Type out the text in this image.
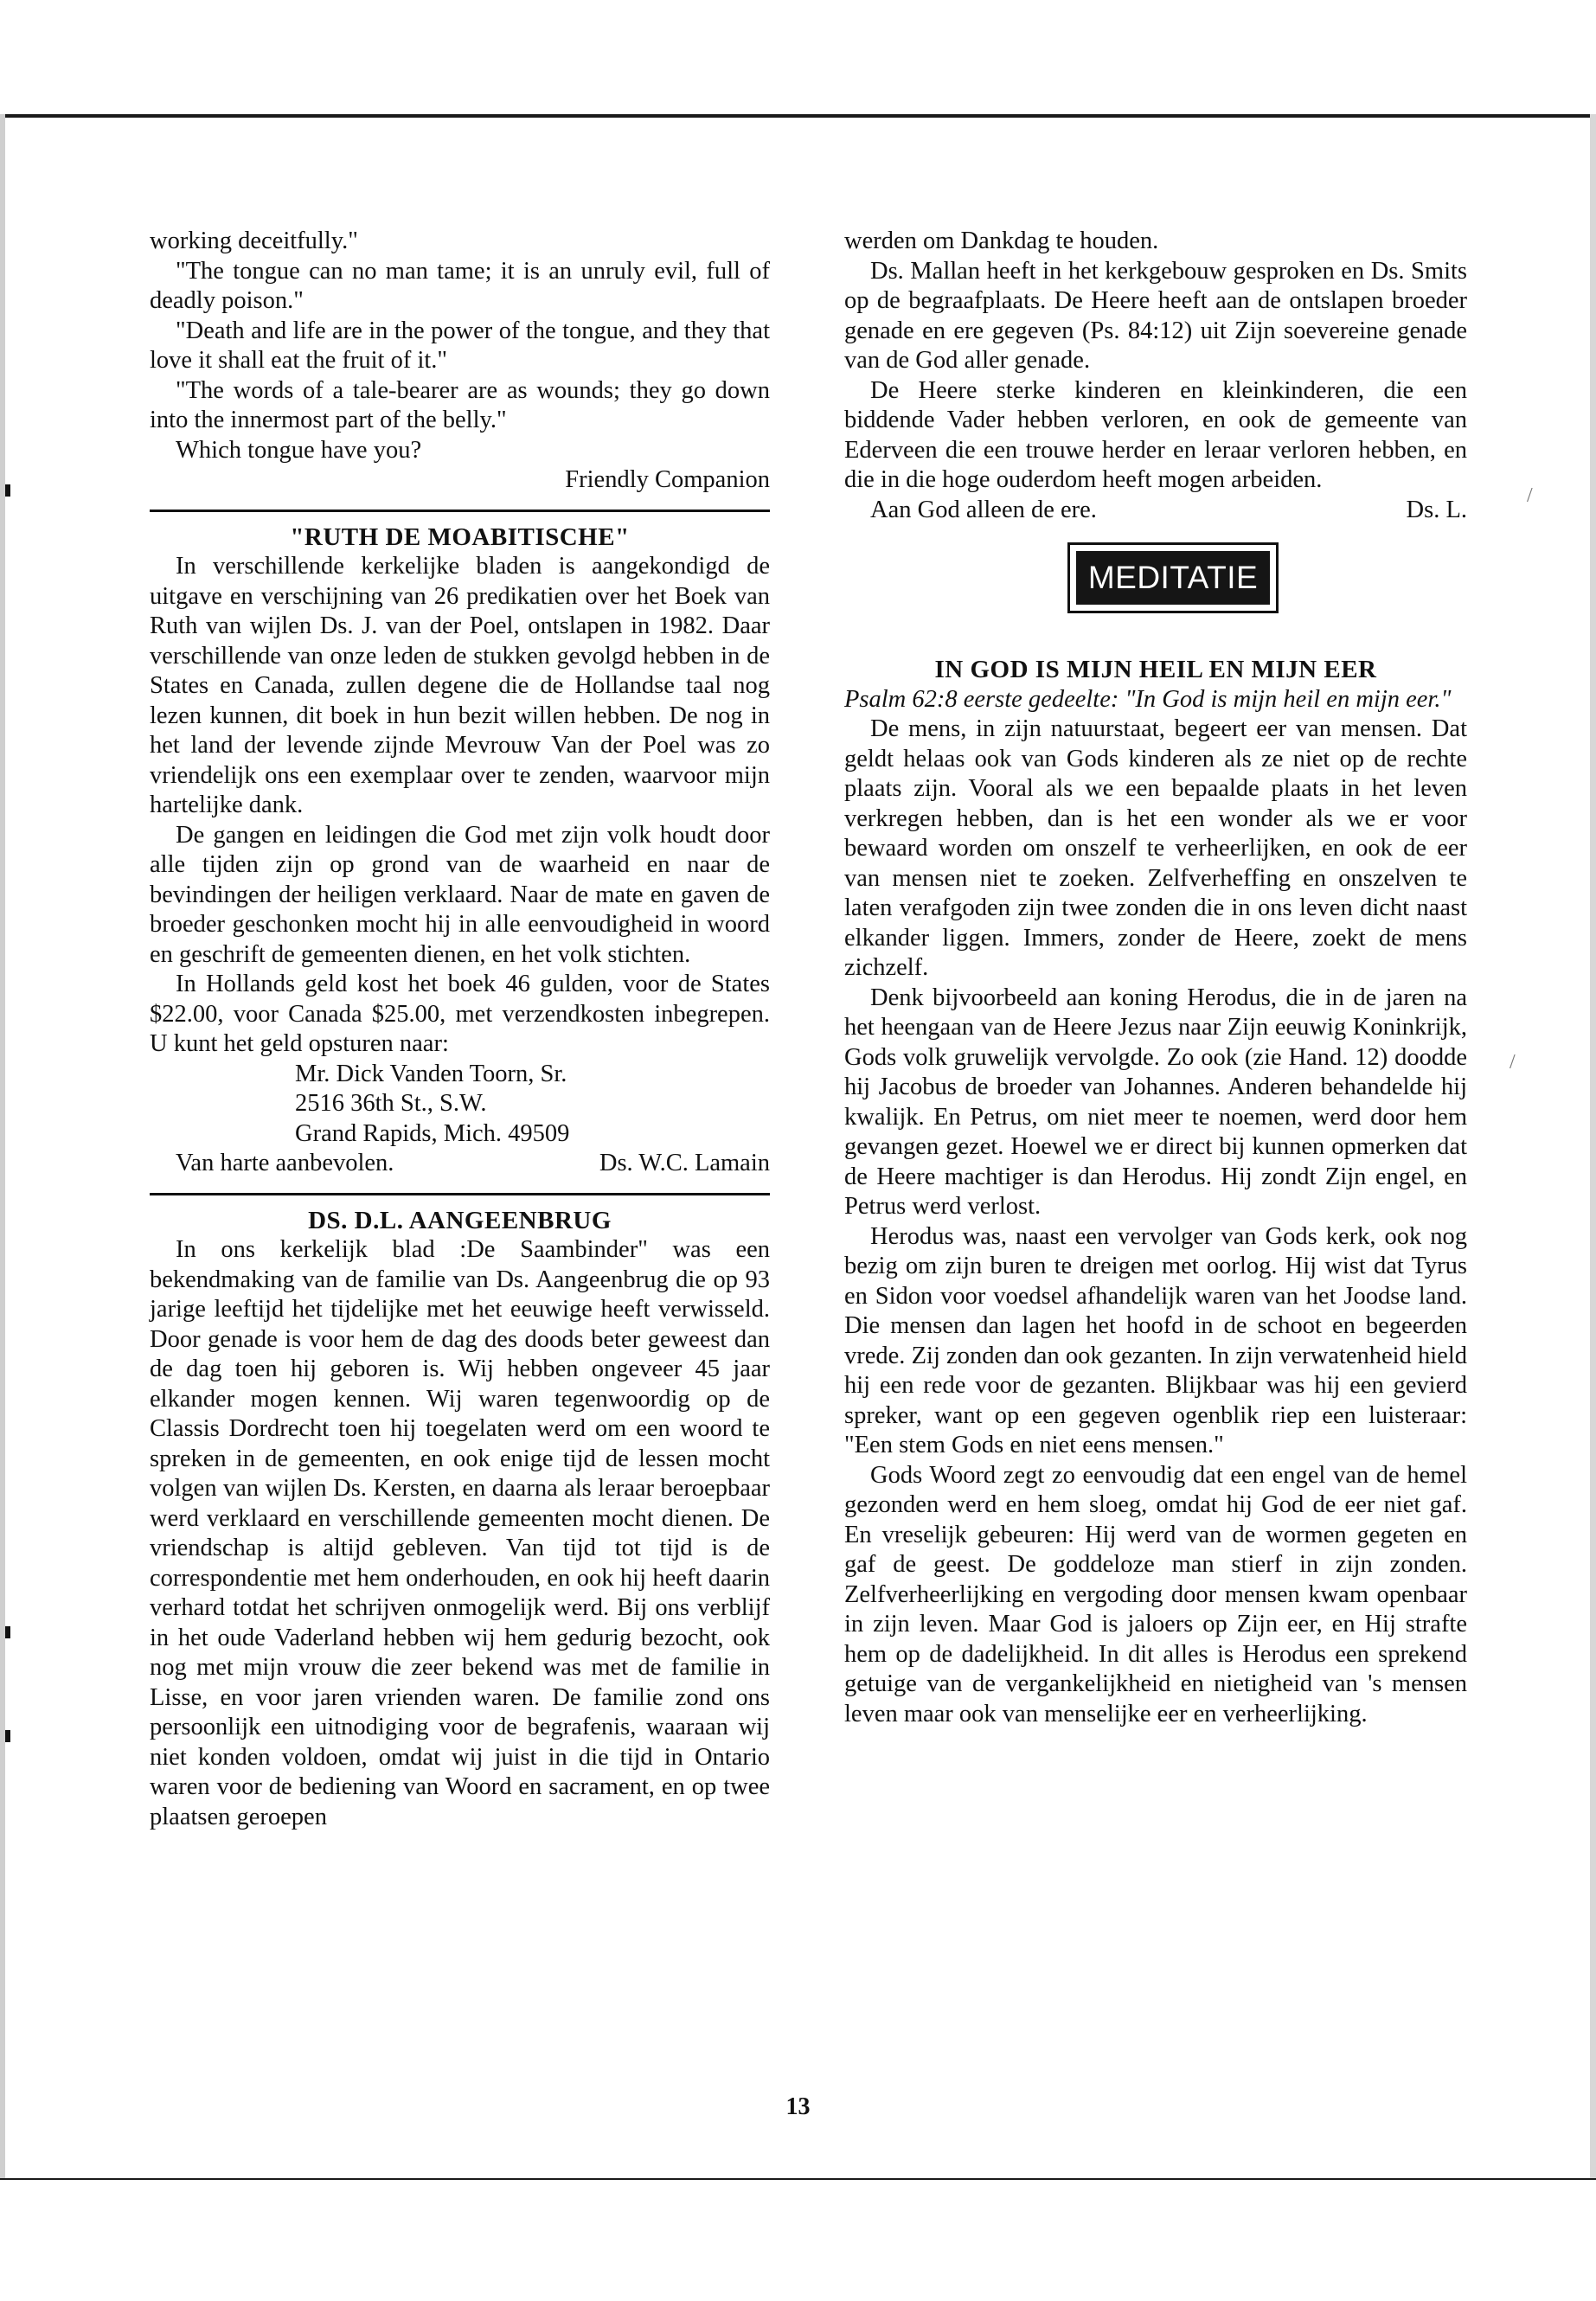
/
/

working deceitfully."

"The tongue can no man tame; it is an unruly evil, full of deadly poison."

"Death and life are in the power of the tongue, and they that love it shall eat the fruit of it."

"The words of a tale-bearer are as wounds; they go down into the innermost part of the belly."

Which tongue have you?

Friendly Companion

"RUTH DE MOABITISCHE"

In verschillende kerkelijke bladen is aangekondigd de uitgave en verschijning van 26 predikatien over het Boek van Ruth van wijlen Ds. J. van der Poel, ontslapen in 1982. Daar verschillende van onze leden de stukken gevolgd hebben in de States en Canada, zullen degene die de Hollandse taal nog lezen kunnen, dit boek in hun bezit willen hebben. De nog in het land der levende zijnde Mevrouw Van der Poel was zo vriendelijk ons een exemplaar over te zenden, waarvoor mijn hartelijke dank.

De gangen en leidingen die God met zijn volk houdt door alle tijden zijn op grond van de waarheid en naar de bevindingen der heiligen verklaard. Naar de mate en gaven de broeder geschonken mocht hij in alle eenvoudigheid in woord en geschrift de gemeenten dienen, en het volk stichten.

In Hollands geld kost het boek 46 gulden, voor de States $22.00, voor Canada $25.00, met verzendkosten inbegrepen. U kunt het geld opsturen naar:

Mr. Dick Vanden Toorn, Sr.

2516 36th St., S.W.

Grand Rapids, Mich. 49509

Van harte aanbevolen.	Ds. W.C. Lamain

DS. D.L. AANGEENBRUG

In ons kerkelijk blad :De Saambinder" was een bekendmaking van de familie van Ds. Aangeenbrug die op 93 jarige leeftijd het tijdelijke met het eeuwige heeft verwisseld. Door genade is voor hem de dag des doods beter geweest dan de dag toen hij geboren is. Wij hebben ongeveer 45 jaar elkander mogen kennen. Wij waren tegenwoordig op de Classis Dordrecht toen hij toegelaten werd om een woord te spreken in de gemeenten, en ook enige tijd de lessen mocht volgen van wijlen Ds. Kersten, en daarna als leraar beroepbaar werd verklaard en verschillende gemeenten mocht dienen. De vriendschap is altijd gebleven. Van tijd tot tijd is de correspondentie met hem onderhouden, en ook hij heeft daarin verhard totdat het schrijven onmogelijk werd. Bij ons verblijf in het oude Vaderland hebben wij hem gedurig bezocht, ook nog met mijn vrouw die zeer bekend was met de familie in Lisse, en voor jaren vrienden waren. De familie zond ons persoonlijk een uitnodiging voor de begrafenis, waaraan wij niet konden voldoen, omdat wij juist in die tijd in Ontario waren voor de bediening van Woord en sacrament, en op twee plaatsen geroepen

werden om Dankdag te houden.

Ds. Mallan heeft in het kerkgebouw gesproken en Ds. Smits op de begraafplaats. De Heere heeft aan de ontslapen broeder genade en ere gegeven (Ps. 84:12) uit Zijn soevereine genade van de God aller genade.

De Heere sterke kinderen en kleinkinderen, die een biddende Vader hebben verloren, en ook de gemeente van Ederveen die een trouwe herder en leraar verloren hebben, en die in die hoge ouderdom heeft mogen arbeiden.

Aan God alleen de ere.	Ds. L.
MEDITATIE

IN GOD IS MIJN HEIL EN MIJN EER

Psalm 62:8 eerste gedeelte: "In God is mijn heil en mijn eer."

De mens, in zijn natuurstaat, begeert eer van mensen. Dat geldt helaas ook van Gods kinderen als ze niet op de rechte plaats zijn. Vooral als we een bepaalde plaats in het leven verkregen hebben, dan is het een wonder als we er voor bewaard worden om onszelf te verheerlijken, en ook de eer van mensen niet te zoeken. Zelfverheffing en onszelven te laten verafgoden zijn twee zonden die in ons leven dicht naast elkander liggen. Immers, zonder de Heere, zoekt de mens zichzelf.

Denk bijvoorbeeld aan koning Herodus, die in de jaren na het heengaan van de Heere Jezus naar Zijn eeuwig Koninkrijk, Gods volk gruwelijk vervolgde. Zo ook (zie Hand. 12) doodde hij Jacobus de broeder van Johannes. Anderen behandelde hij kwalijk. En Petrus, om niet meer te noemen, werd door hem gevangen gezet. Hoewel we er direct bij kunnen opmerken dat de Heere machtiger is dan Herodus. Hij zondt Zijn engel, en Petrus werd verlost.

Herodus was, naast een vervolger van Gods kerk, ook nog bezig om zijn buren te dreigen met oorlog. Hij wist dat Tyrus en Sidon voor voedsel afhandelijk waren van het Joodse land. Die mensen dan lagen het hoofd in de schoot en begeerden vrede. Zij zonden dan ook gezanten. In zijn verwatenheid hield hij een rede voor de gezanten. Blijkbaar was hij een gevierd spreker, want op een gegeven ogenblik riep een luisteraar: "Een stem Gods en niet eens mensen."

Gods Woord zegt zo eenvoudig dat een engel van de hemel gezonden werd en hem sloeg, omdat hij God de eer niet gaf. En vreselijk gebeuren: Hij werd van de wormen gegeten en gaf de geest. De goddeloze man stierf in zijn zonden. Zelfverheerlijking en vergoding door mensen kwam openbaar in zijn leven. Maar God is jaloers op Zijn eer, en Hij strafte hem op de dadelijkheid. In dit alles is Herodus een sprekend getuige van de vergankelijkheid en nietigheid van 's mensen leven maar ook van menselijke eer en verheerlijking.

13
